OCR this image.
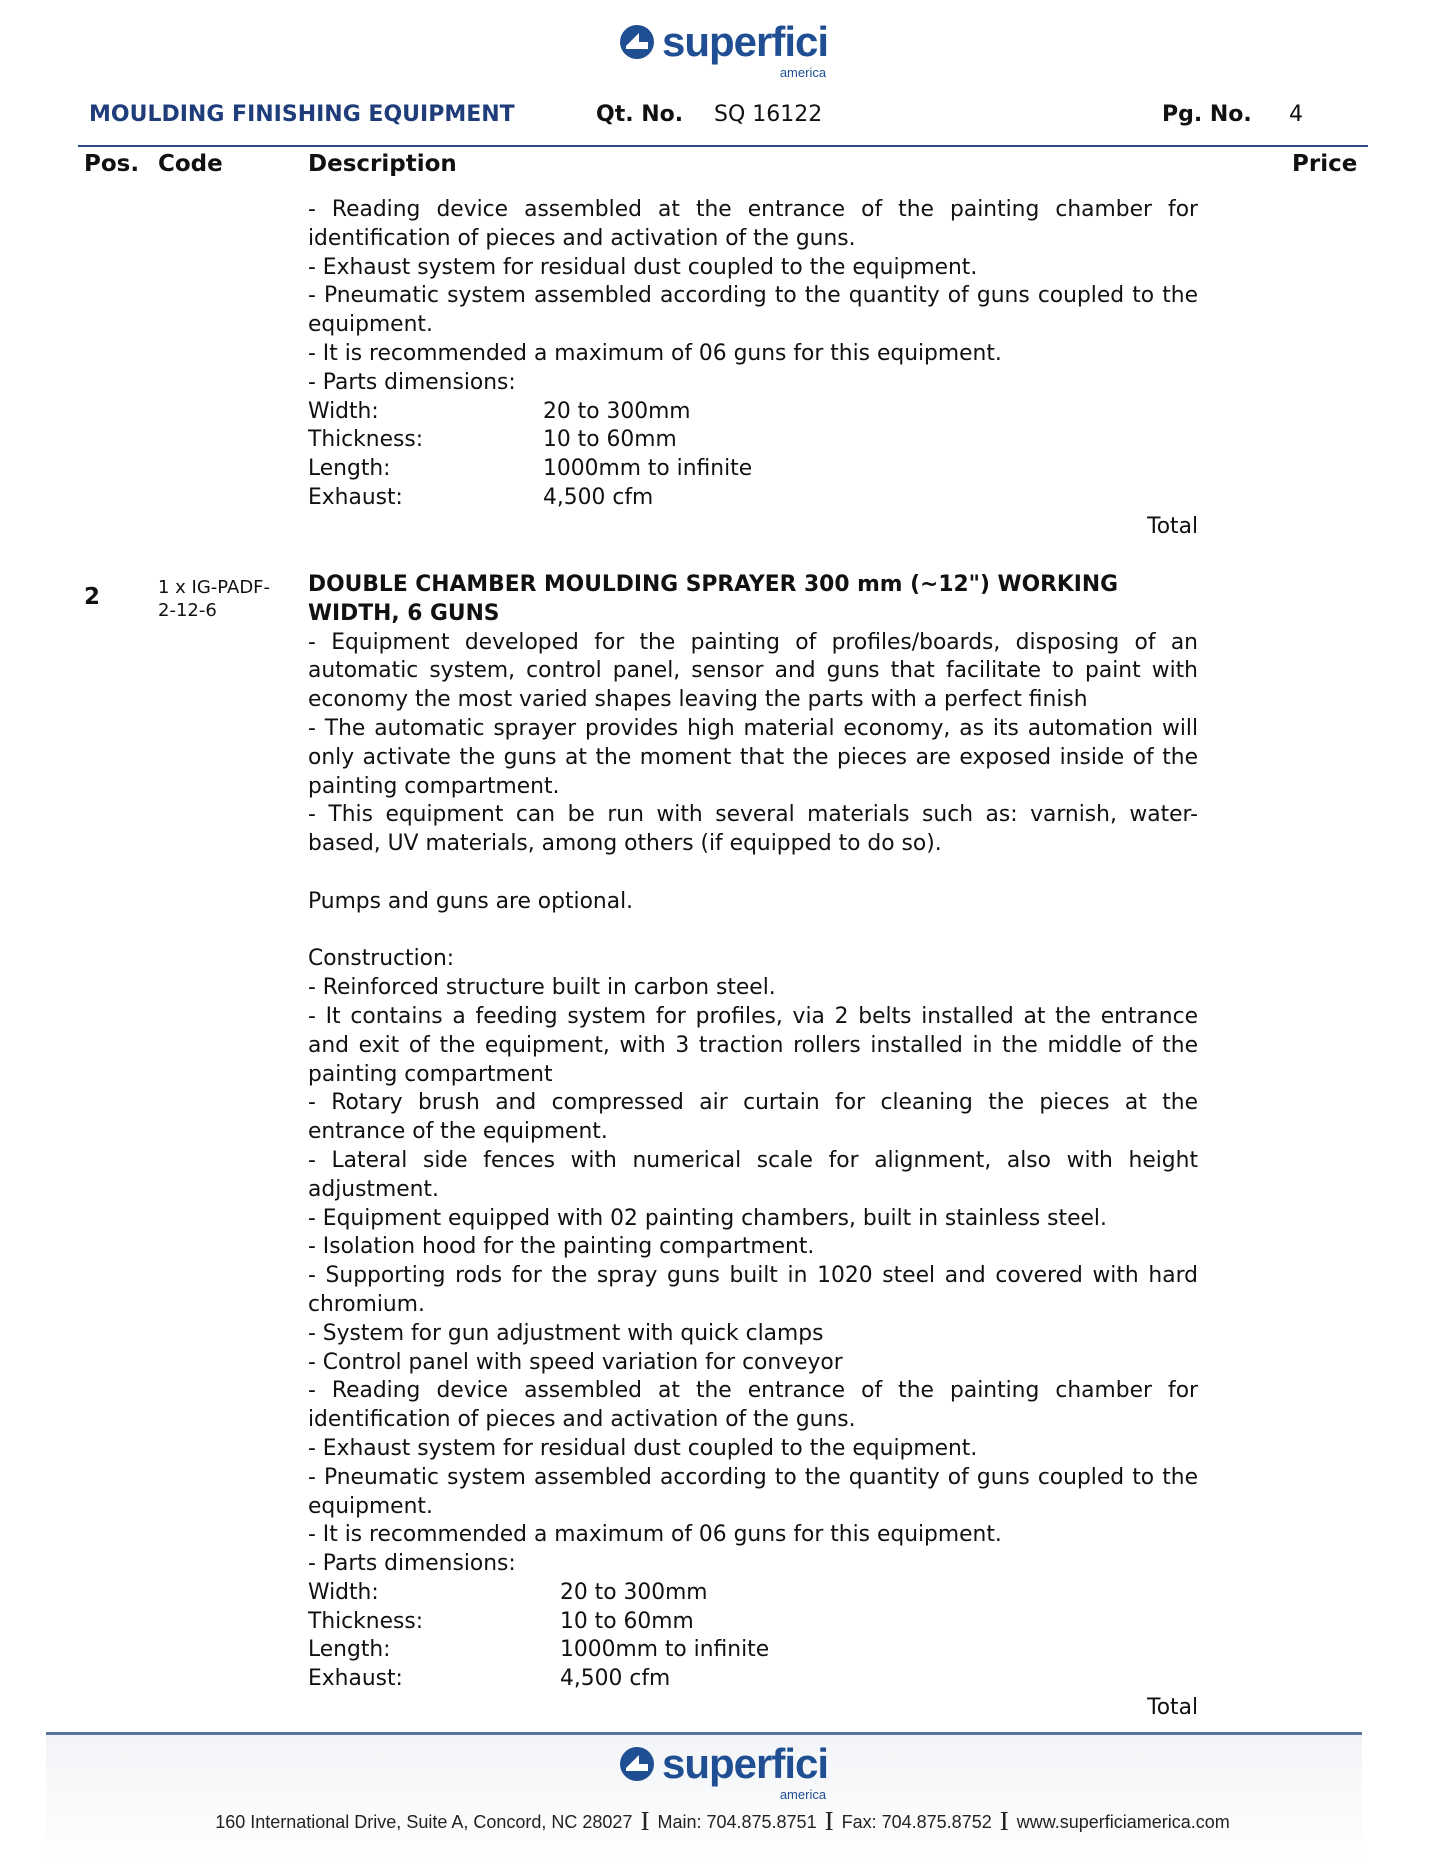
superfici
america
MOULDING FINISHING EQUIPMENT	Qt. No. SQ 16122	Pg. No. 4
Pos. Code	Description	Price

- Reading device assembled at the entrance of the painting chamber for identification of pieces and activation of the guns.

- Exhaust system for residual dust coupled to the equipment.

- Pneumatic system assembled according to the quantity of guns coupled to the equipment.

- It is recommended a maximum of 06 guns for this equipment.

- Parts dimensions:

Width:	20 to 300mm
Thickness:	10 to 60mm
Length:	1000mm to infinite
Exhaust:	4,500 cfm
Total
2	1 x IG-PADF-
2-12-6
DOUBLE CHAMBER MOULDING SPRAYER 300 mm (~12") WORKING WIDTH, 6 GUNS

- Equipment developed for the painting of profiles/boards, disposing of an automatic system, control panel, sensor and guns that facilitate to paint with economy the most varied shapes leaving the parts with a perfect finish

- The automatic sprayer provides high material economy, as its automation will only activate the guns at the moment that the pieces are exposed inside of the painting compartment.

- This equipment can be run with several materials such as: varnish, water-based, UV materials, among others (if equipped to do so).

Pumps and guns are optional.

Construction:

- Reinforced structure built in carbon steel.

- It contains a feeding system for profiles, via 2 belts installed at the entrance and exit of the equipment, with 3 traction rollers installed in the middle of the painting compartment

- Rotary brush and compressed air curtain for cleaning the pieces at the entrance of the equipment.

- Lateral side fences with numerical scale for alignment, also with height adjustment.

- Equipment equipped with 02 painting chambers, built in stainless steel.

- Isolation hood for the painting compartment.

- Supporting rods for the spray guns built in 1020 steel and covered with hard chromium.

- System for gun adjustment with quick clamps

- Control panel with speed variation for conveyor

- Reading device assembled at the entrance of the painting chamber for identification of pieces and activation of the guns.

- Exhaust system for residual dust coupled to the equipment.

- Pneumatic system assembled according to the quantity of guns coupled to the equipment.

- It is recommended a maximum of 06 guns for this equipment.

- Parts dimensions:

Width:	20 to 300mm
Thickness:	10 to 60mm
Length:	1000mm to infinite
Exhaust:	4,500 cfm
Total
superfici
america
160 International Drive, Suite A, Concord, NC 28027 I Main: 704.875.8751 I Fax: 704.875.8752 I www.superficiamerica.com
